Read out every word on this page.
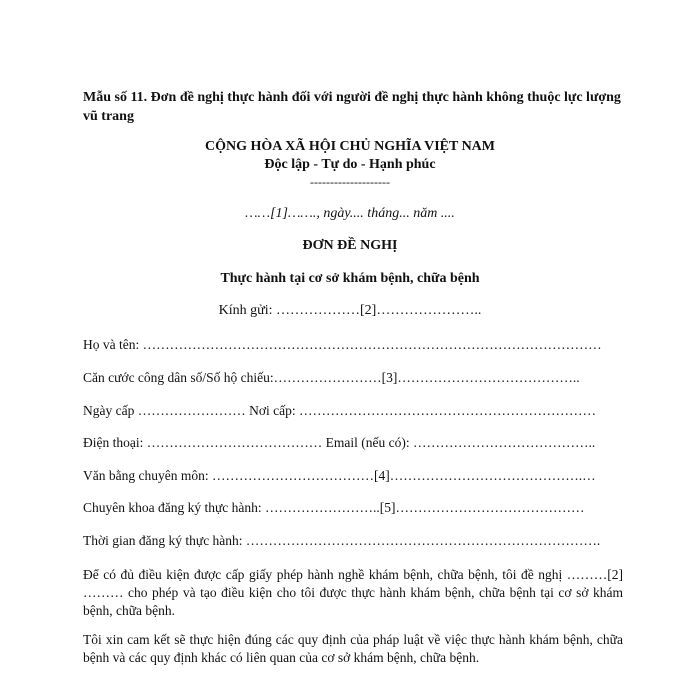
Mẫu số 11. Đơn đề nghị thực hành đối với người đề nghị thực hành không thuộc lực lượng vũ trang
CỘNG HÒA XÃ HỘI CHỦ NGHĨA VIỆT NAM
Độc lập - Tự do - Hạnh phúc
--------------------
……[1]……., ngày.... tháng... năm ....
ĐƠN ĐỀ NGHỊ
Thực hành tại cơ sở khám bệnh, chữa bệnh
Kính gửi: ………………[2]…………………..
Họ và tên: …………………………………………………………………………………………
Căn cước công dân số/Số hộ chiếu:……………………[3]…………………………………..
Ngày cấp …………………… Nơi cấp: …………………………………………………………
Điện thoại: ………………………………… Email (nếu có): …………………………………..
Văn bằng chuyên môn: ………………………………[4]…………………………………….…
Chuyên khoa đăng ký thực hành: ……………………..[5]……………………………………
Thời gian đăng ký thực hành: …………………………………………………………………….
Để có đủ điều kiện được cấp giấy phép hành nghề khám bệnh, chữa bệnh, tôi đề nghị ………[2] ……… cho phép và tạo điều kiện cho tôi được thực hành khám bệnh, chữa bệnh tại cơ sở khám bệnh, chữa bệnh.
Tôi xin cam kết sẽ thực hiện đúng các quy định của pháp luật về việc thực hành khám bệnh, chữa bệnh và các quy định khác có liên quan của cơ sở khám bệnh, chữa bệnh.
